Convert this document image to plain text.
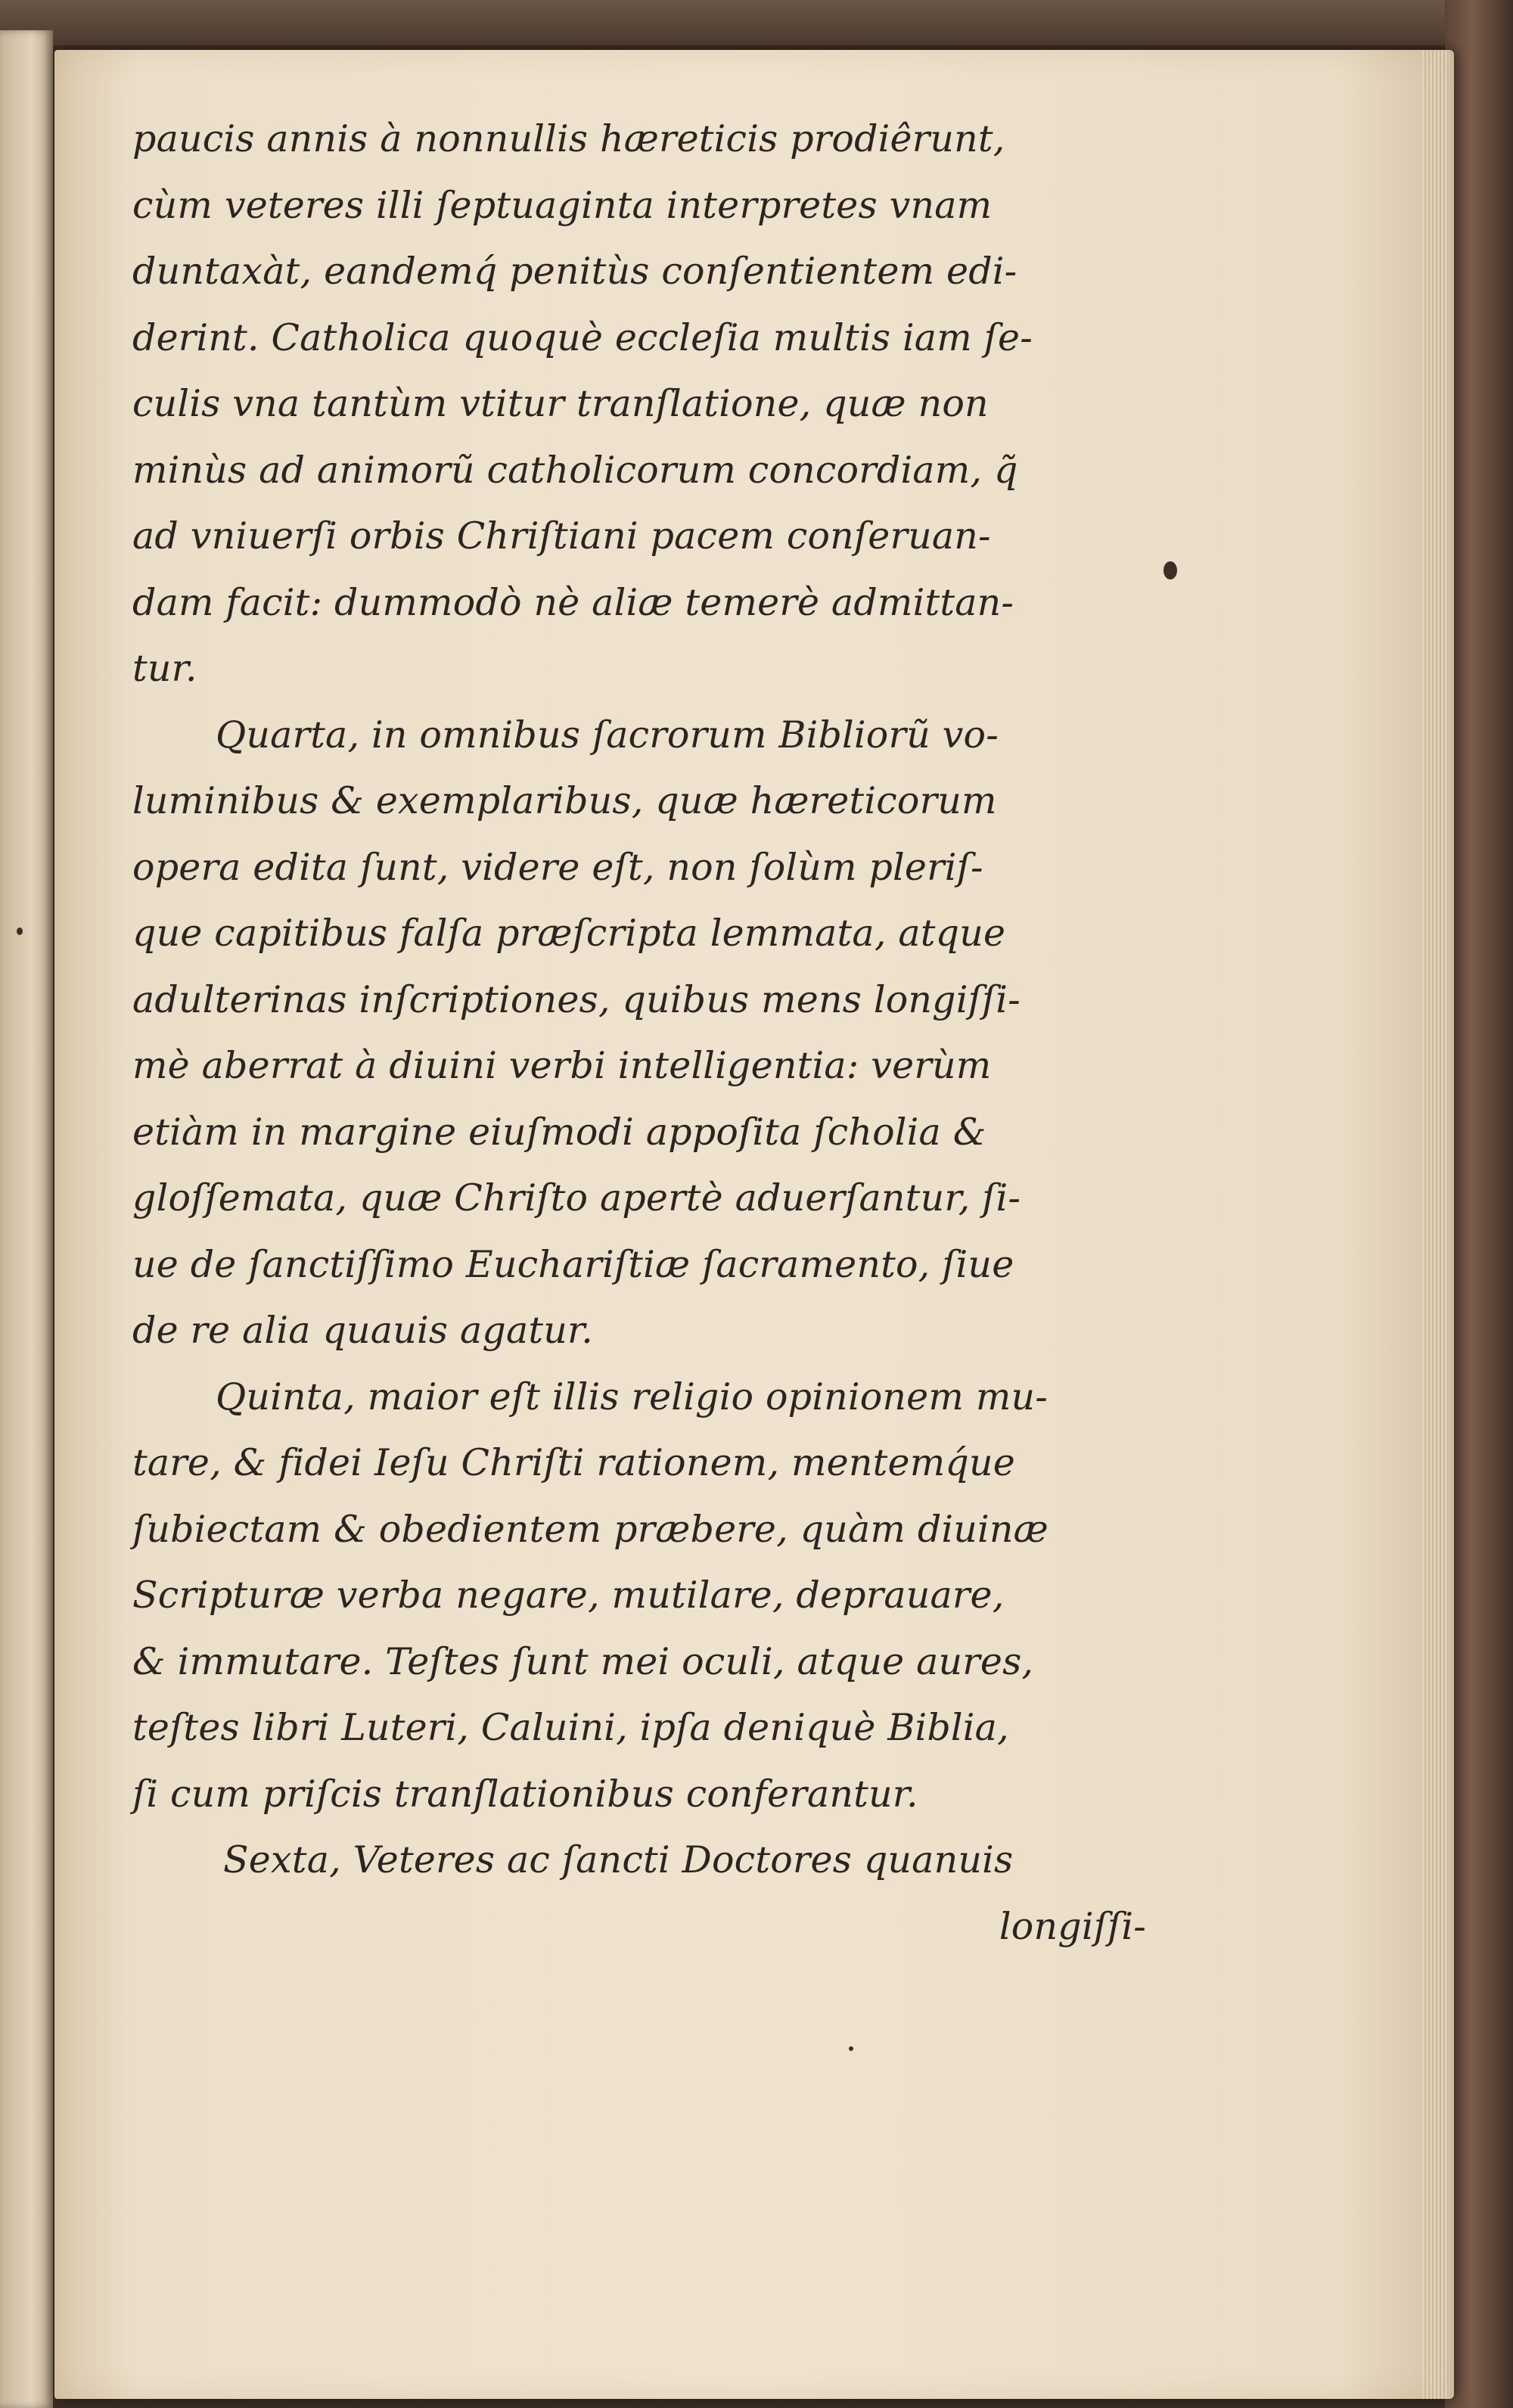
paucis annis à nonnullis hæreticis prodiêrunt,
cùm veteres illi ſeptuaginta interpretes vnam
duntaxàt, eandemq́ penitùs conſentientem edi-
derint. Catholica quoquè eccleſia multis iam ſe-
culis vna tantùm vtitur tranſlatione, quæ non
minùs ad animorũ catholicorum concordiam, q̃
ad vniuerſi orbis Chriſtiani pacem conſeruan-
dam facit: dummodò nè aliæ temerè admittan-
tur.
Quarta, in omnibus ſacrorum Bibliorũ vo-
luminibus & exemplaribus, quæ hæreticorum
opera edita ſunt, videre eſt, non ſolùm pleriſ-
que capitibus falſa præſcripta lemmata, atque
adulterinas inſcriptiones, quibus mens longiſſi-
mè aberrat à diuini verbi intelligentia: verùm
etiàm in margine eiuſmodi appoſita ſcholia &
gloſſemata, quæ Chriſto apertè aduerſantur, ſi-
ue de ſanctiſſimo Euchariſtiæ ſacramento, ſiue
de re alia quauis agatur.
Quinta, maior eſt illis religio opinionem mu-
tare, & fidei Ieſu Chriſti rationem, mentemq́ue
ſubiectam & obedientem præbere, quàm diuinæ
Scripturæ verba negare, mutilare, deprauare,
& immutare. Teſtes ſunt mei oculi, atque aures,
teſtes libri Luteri, Caluini, ipſa deniquè Biblia,
ſi cum priſcis tranſlationibus conferantur.
Sexta, Veteres ac ſancti Doctores quanuis
longiſſi-
